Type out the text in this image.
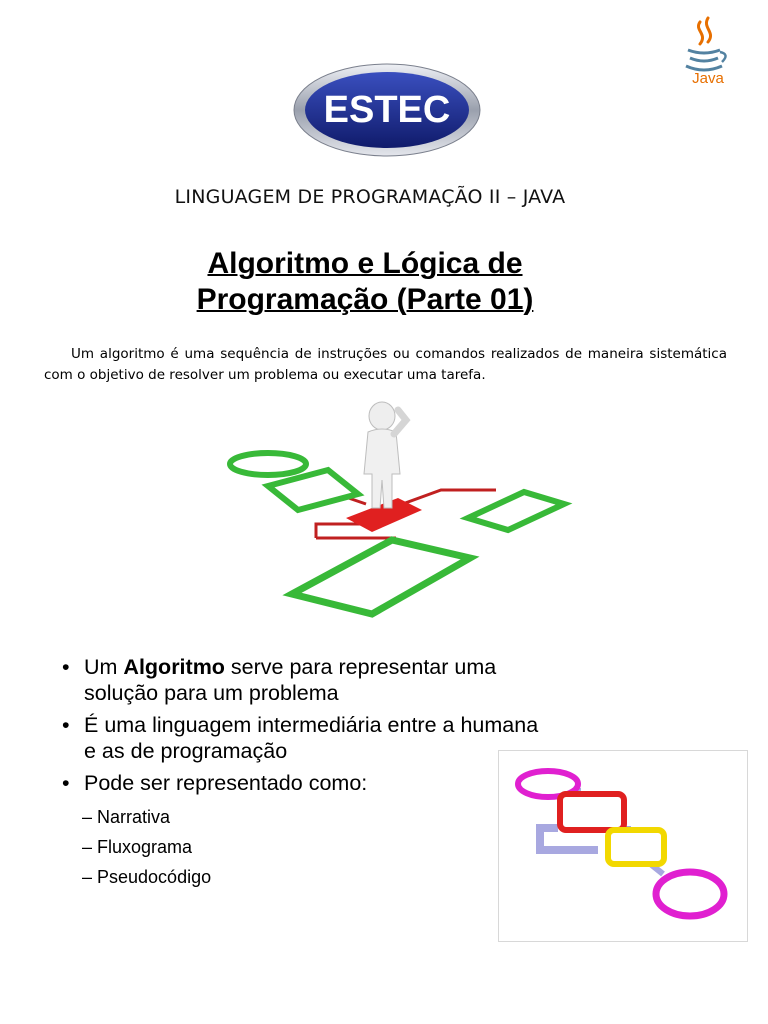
ESTEC
Java
LINGUAGEM DE PROGRAMAÇÃO II – JAVA
Algoritmo e Lógica de
Programação (Parte 01)

Um algoritmo é uma sequência de instruções ou comandos realizados de maneira sistemática com o objetivo de resolver um problema ou executar uma tarefa.

• Um Algoritmo serve para representar uma solução para um problema
• É uma linguagem intermediária entre a humana e as de programação
• Pode ser representado como:
– Narrativa
– Fluxograma
– Pseudocódigo
